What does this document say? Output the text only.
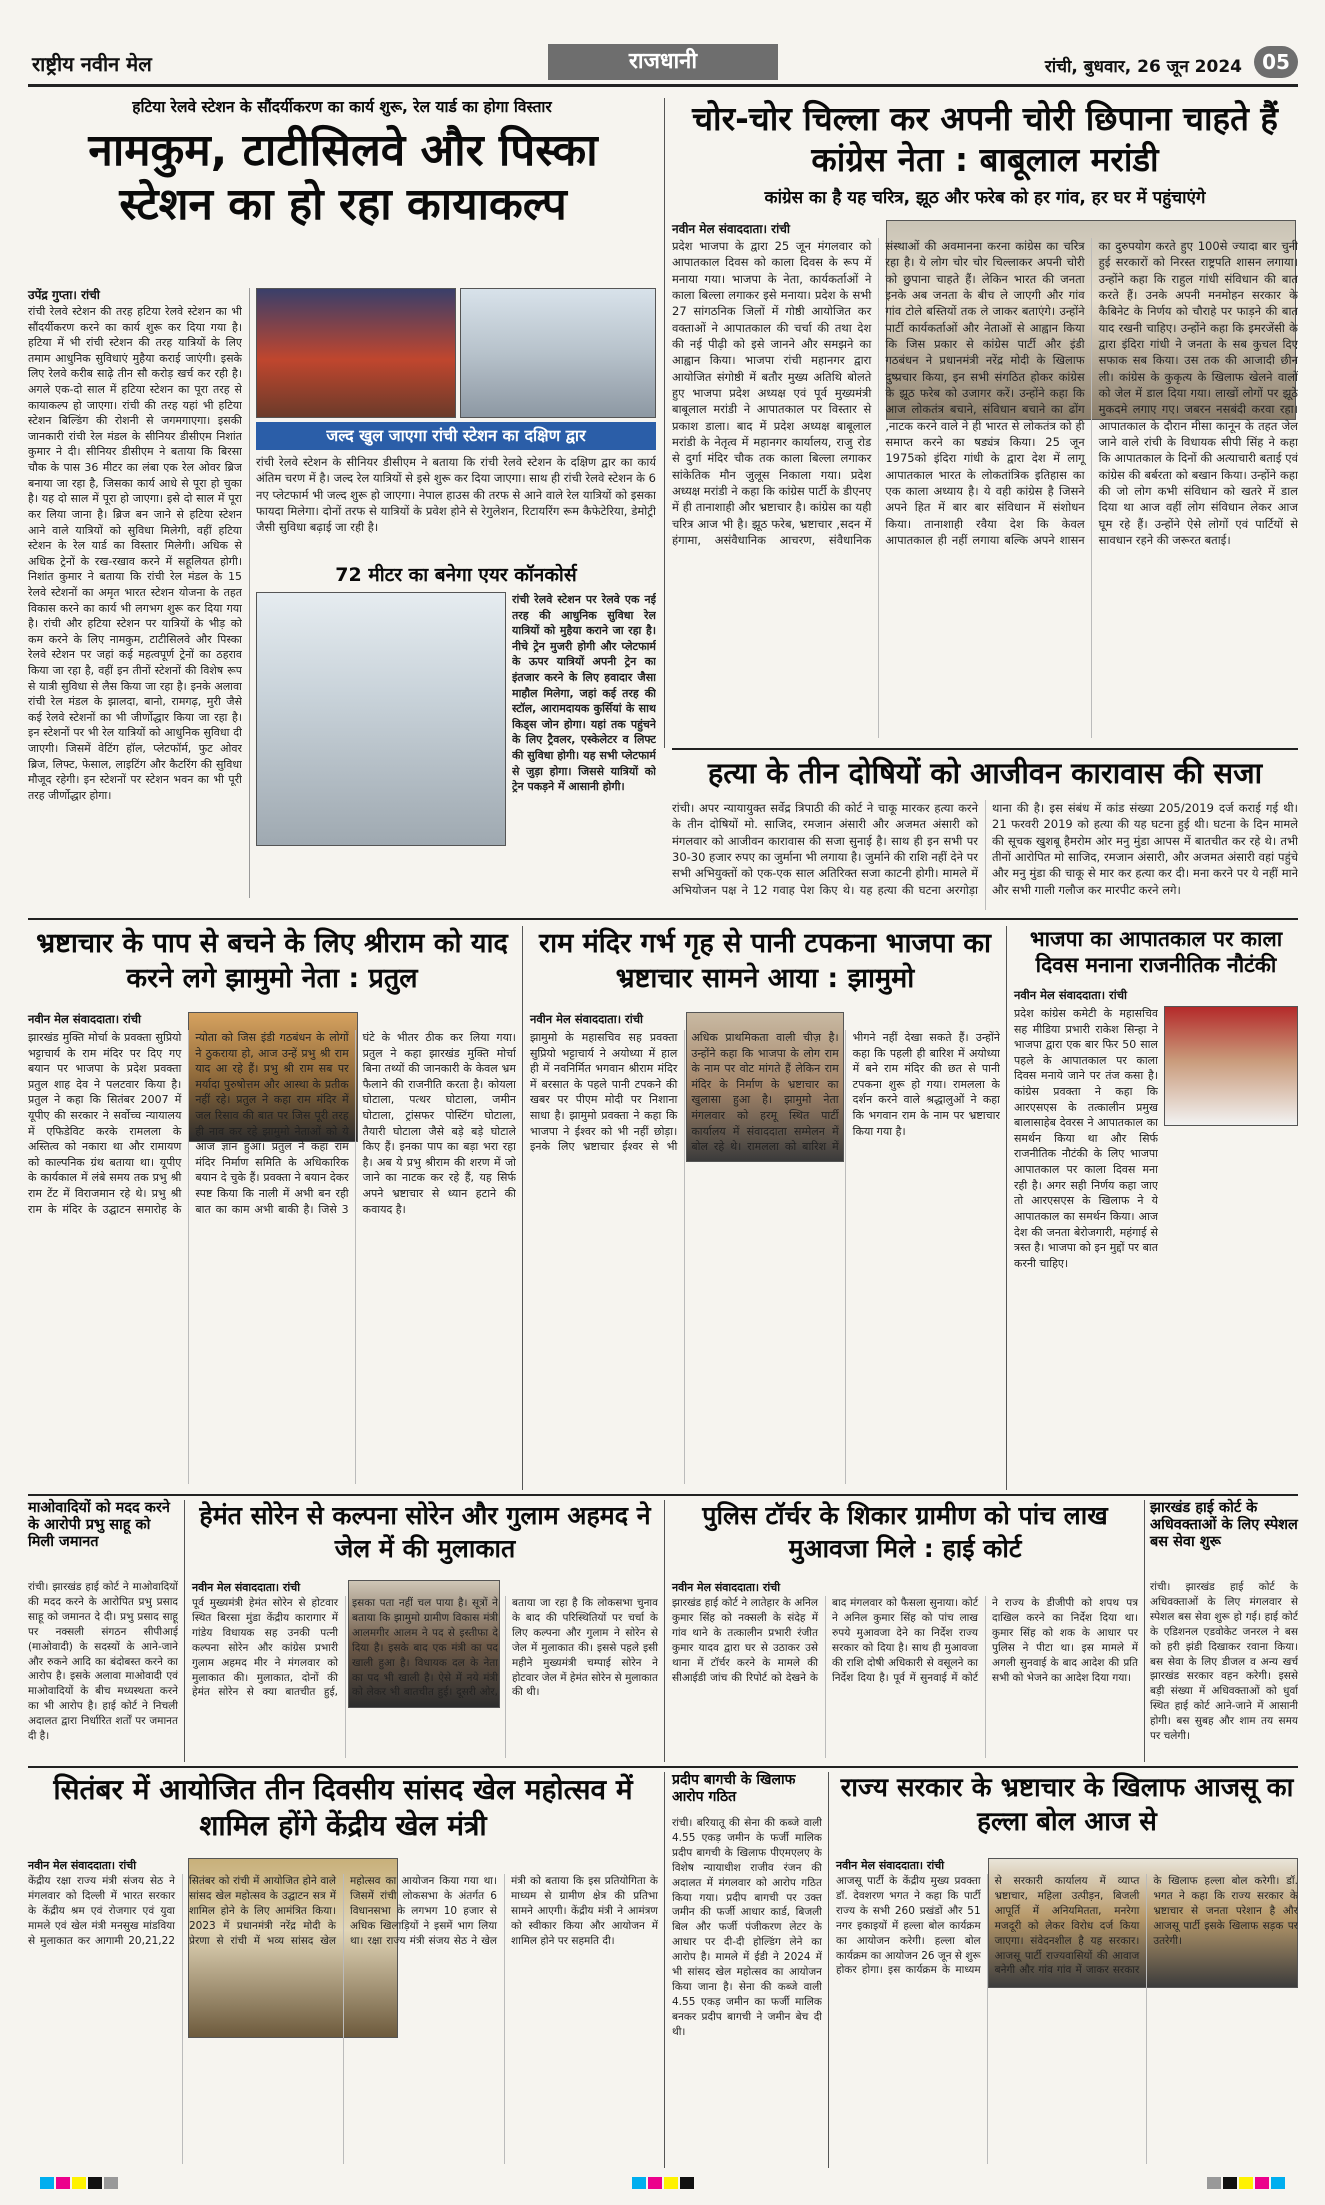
राष्ट्रीय नवीन मेल	राजधानी	रांची, बुधवार, 26 जून 2024	05
हटिया रेलवे स्टेशन के सौंदर्यीकरण का कार्य शुरू, रेल यार्ड का होगा विस्तार
नामकुम, टाटीसिलवे और पिस्का स्टेशन का हो रहा कायाकल्प
उपेंद्र गुप्ता। रांची
रांची रेलवे स्टेशन की तरह हटिया रेलवे स्टेशन का भी सौंदर्यीकरण करने का कार्य शुरू कर दिया गया है। हटिया में भी रांची स्टेशन की तरह यात्रियों के लिए तमाम आधुनिक सुविधाएं मुहैया कराई जाएंगी। इसके लिए रेलवे करीब साढ़े तीन सौ करोड़ खर्च कर रही है। अगले एक-दो साल में हटिया स्टेशन का पूरा तरह से कायाकल्प हो जाएगा। रांची की तरह यहां भी हटिया स्टेशन बिल्डिंग की रोशनी से जगमगाएगा। इसकी जानकारी रांची रेल मंडल के सीनियर डीसीएम निशांत कुमार ने दी। सीनियर डीसीएम ने बताया कि बिरसा चौक के पास 36 मीटर का लंबा एक रेल ओवर ब्रिज बनाया जा रहा है, जिसका कार्य आधे से पूरा हो चुका है। यह दो साल में पूरा हो जाएगा। इसे दो साल में पूरा कर लिया जाना है। ब्रिज बन जाने से हटिया स्टेशन आने वाले यात्रियों को सुविधा मिलेगी, वहीं हटिया स्टेशन के रेल यार्ड का विस्तार मिलेगी। अधिक से अधिक ट्रेनों के रख-रखाव करने में सहूलियत होगी। निशांत कुमार ने बताया कि रांची रेल मंडल के 15 रेलवे स्टेशनों का अमृत भारत स्टेशन योजना के तहत विकास करने का कार्य भी लगभग शुरू कर दिया गया है। रांची और हटिया स्टेशन पर यात्रियों के भीड़ को कम करने के लिए नामकुम, टाटीसिलवे और पिस्का रेलवे स्टेशन पर जहां कई महत्वपूर्ण ट्रेनों का ठहराव किया जा रहा है, वहीं इन तीनों स्टेशनों की विशेष रूप से यात्री सुविधा से लैस किया जा रहा है। इनके अलावा रांची रेल मंडल के झालदा, बानो, रामगढ़, मुरी जैसे कई रेलवे स्टेशनों का भी जीर्णोद्धार किया जा रहा है। इन स्टेशनों पर भी रेल यात्रियों को आधुनिक सुविधा दी जाएगी। जिसमें वेटिंग हॉल, प्लेटफॉर्म, फुट ओवर ब्रिज, लिफ्ट, फेसाल, लाइटिंग और कैटरिंग की सुविधा मौजूद रहेगी। इन स्टेशनों पर स्टेशन भवन का भी पूरी तरह जीर्णोद्धार होगा।
जल्द खुल जाएगा रांची स्टेशन का दक्षिण द्वार
रांची रेलवे स्टेशन के सीनियर डीसीएम ने बताया कि रांची रेलवे स्टेशन के दक्षिण द्वार का कार्य अंतिम चरण में है। जल्द रेल यात्रियों से इसे शुरू कर दिया जाएगा। साथ ही रांची रेलवे स्टेशन के 6 नए प्लेटफार्म भी जल्द शुरू हो जाएगा। नेपाल हाउस की तरफ से आने वाले रेल यात्रियों को इसका फायदा मिलेगा। दोनों तरफ से यात्रियों के प्रवेश होने से रेगुलेशन, रिटायरिंग रूम कैफेटेरिया, डेमोट्री जैसी सुविधा बढ़ाई जा रही है।
72 मीटर का बनेगा एयर कॉनकोर्स
रांची रेलवे स्टेशन पर रेलवे एक नई तरह की आधुनिक सुविधा रेल यात्रियों को मुहैया कराने जा रहा है। नीचे ट्रेन मुजरी होगी और प्लेटफार्म के ऊपर यात्रियों अपनी ट्रेन का इंतजार करने के लिए हवादार जैसा माहौल मिलेगा, जहां कई तरह की स्टॉल, आरामदायक कुर्सियां के साथ किड्स जोन होगा। यहां तक पहुंचने के लिए ट्रैवलर, एस्केलेटर व लिफ्ट की सुविधा होगी। यह सभी प्लेटफार्म से जुड़ा होगा। जिससे यात्रियों को ट्रेन पकड़ने में आसानी होगी।
चोर-चोर चिल्ला कर अपनी चोरी छिपाना चाहते हैं कांग्रेस नेता : बाबूलाल मरांडी
कांग्रेस का है यह चरित्र, झूठ और फरेब को हर गांव, हर घर में पहुंचाएंगे
नवीन मेल संवाददाता। रांची
प्रदेश भाजपा के द्वारा 25 जून मंगलवार को आपातकाल दिवस को काला दिवस के रूप में मनाया गया। भाजपा के नेता, कार्यकर्ताओं ने काला बिल्ला लगाकर इसे मनाया। प्रदेश के सभी 27 सांगठनिक जिलों में गोष्ठी आयोजित कर वक्ताओं ने आपातकाल की चर्चा की तथा देश की नई पीढ़ी को इसे जानने और समझने का आह्वान किया। भाजपा रांची महानगर द्वारा आयोजित संगोष्ठी में बतौर मुख्य अतिथि बोलते हुए भाजपा प्रदेश अध्यक्ष एवं पूर्व मुख्यमंत्री बाबूलाल मरांडी ने आपातकाल पर विस्तार से प्रकाश डाला। बाद में प्रदेश अध्यक्ष बाबूलाल मरांडी के नेतृत्व में महानगर कार्यालय, राजु रोड से दुर्गा मंदिर चौक तक काला बिल्ला लगाकर सांकेतिक मौन जुलूस निकाला गया। प्रदेश अध्यक्ष मरांडी ने कहा कि कांग्रेस पार्टी के डीएनए में ही तानाशाही और भ्रष्टाचार है। कांग्रेस का यही चरित्र आज भी है। झूठ फरेब, भ्रष्टाचार ,सदन में हंगामा, असंवैधानिक आचरण, संवैधानिक संस्थाओं की अवमानना करना कांग्रेस का चरित्र रहा है। ये लोग चोर चोर चिल्लाकर अपनी चोरी को छुपाना चाहते हैं। लेकिन भारत की जनता इनके अब जनता के बीच ले जाएगी और गांव गांव टोले बस्तियों तक ले जाकर बताएंगे। उन्होंने पार्टी कार्यकर्ताओं और नेताओं से आह्वान किया कि जिस प्रकार से कांग्रेस पार्टी और इंडी गठबंधन ने प्रधानमंत्री नरेंद्र मोदी के खिलाफ दुष्प्रचार किया, इन सभी संगठित होकर कांग्रेस के झूठ फरेब को उजागर करें। उन्होंने कहा कि आज लोकतंत्र बचाने, संविधान बचाने का ढोंग ,नाटक करने वाले ने ही भारत से लोकतंत्र को ही समाप्त करने का षड्यंत्र किया। 25 जून 1975को इंदिरा गांधी के द्वारा देश में लागू आपातकाल भारत के लोकतांत्रिक इतिहास का एक काला अध्याय है। ये वही कांग्रेस है जिसने अपने हित में बार बार संविधान में संशोधन किया। तानाशाही रवैया देश कि केवल आपातकाल ही नहीं लगाया बल्कि अपने शासन का दुरुपयोग करते हुए 100से ज्यादा बार चुनी हुई सरकारों को निरस्त राष्ट्रपति शासन लगाया। उन्होंने कहा कि राहुल गांधी संविधान की बात करते हैं। उनके अपनी मनमोहन सरकार के कैबिनेट के निर्णय को चौराहे पर फाड़ने की बात याद रखनी चाहिए। उन्होंने कहा कि इमरजेंसी के द्वारा इंदिरा गांधी ने जनता के सब कुचल दिए सफाक सब किया। उस तक की आजादी छीन ली। कांग्रेस के कुकृत्य के खिलाफ खेलने वालों को जेल में डाल दिया गया। लाखों लोगों पर झूठे मुकदमे लगाए गए। जबरन नसबंदी करवा रहा। आपातकाल के दौरान मीसा कानून के तहत जेल जाने वाले रांची के विधायक सीपी सिंह ने कहा कि आपातकाल के दिनों की अत्याचारी बताई एवं कांग्रेस की बर्बरता को बखान किया। उन्होंने कहा की जो लोग कभी संविधान को खतरे में डाल दिया था आज वहीं लोग संविधान लेकर आज घूम रहे हैं। उन्होंने ऐसे लोगों एवं पार्टियों से सावधान रहने की जरूरत बताई।
हत्या के तीन दोषियों को आजीवन कारावास की सजा
रांची। अपर न्यायायुक्त सर्वेद्र त्रिपाठी की कोर्ट ने चाकू मारकर हत्या करने के तीन दोषियों मो. साजिद, रमजान अंसारी और अजमत अंसारी को मंगलवार को आजीवन कारावास की सजा सुनाई है। साथ ही इन सभी पर 30-30 हजार रुपए का जुर्माना भी लगाया है। जुर्माने की राशि नहीं देने पर सभी अभियुक्तों को एक-एक साल अतिरिक्त सजा काटनी होगी। मामले में अभियोजन पक्ष ने 12 गवाह पेश किए थे। यह हत्या की घटना अरगोड़ा थाना की है। इस संबंध में कांड संख्या 205/2019 दर्ज कराई गई थी। 21 फरवरी 2019 को हत्या की यह घटना हुई थी। घटना के दिन मामले की सूचक खुशबू हैमरोम ओर मनु मुंडा आपस में बातचीत कर रहे थे। तभी तीनों आरोपित मो साजिद, रमजान अंसारी, और अजमत अंसारी वहां पहुंचे और मनु मुंडा की चाकू से मार कर हत्या कर दी। मना करने पर ये नहीं माने और सभी गाली गलौज कर मारपीट करने लगे।
भ्रष्टाचार के पाप से बचने के लिए श्रीराम को याद करने लगे झामुमो नेता : प्रतुल
नवीन मेल संवाददाता। रांची
झारखंड मुक्ति मोर्चा के प्रवक्ता सुप्रियो भट्टाचार्य के राम मंदिर पर दिए गए बयान पर भाजपा के प्रदेश प्रवक्ता प्रतुल शाह देव ने पलटवार किया है। प्रतुल ने कहा कि सितंबर 2007 में यूपीए की सरकार ने सर्वोच्च न्यायालय में एफिडेविट करके रामलला के अस्तित्व को नकारा था और रामायण को काल्पनिक ग्रंथ बताया था। यूपीए के कार्यकाल में लंबे समय तक प्रभु श्री राम टेंट में विराजमान रहे थे। प्रभु श्री राम के मंदिर के उद्घाटन समारोह के न्योता को जिस इंडी गठबंधन के लोगों ने ठुकराया हो, आज उन्हें प्रभु श्री राम याद आ रहे हैं। प्रभु श्री राम सब पर मर्यादा पुरुषोत्तम और आस्था के प्रतीक नहीं रहे। प्रतुल ने कहा राम मंदिर में जल रिसाव की बात पर जिस पूरी तरह ही नाव कर रहे झामुमो नेताओं को ये आज ज्ञान हुआ। प्रतुल ने कहा राम मंदिर निर्माण समिति के अधिकारिक बयान दे चुके हैं। प्रवक्ता ने बयान देकर स्पष्ट किया कि नाली में अभी बन रही बात का काम अभी बाकी है। जिसे 3 घंटे के भीतर ठीक कर लिया गया। प्रतुल ने कहा झारखंड मुक्ति मोर्चा बिना तथ्यों की जानकारी के केवल भ्रम फैलाने की राजनीति करता है। कोयला घोटाला, पत्थर घोटाला, जमीन घोटाला, ट्रांसफर पोस्टिंग घोटाला, तैयारी घोटाला जैसे बड़े बड़े घोटाले किए हैं। इनका पाप का बड़ा भरा रहा है। अब ये प्रभु श्रीराम की शरण में जो जाने का नाटक कर रहे हैं, यह सिर्फ अपने भ्रष्टाचार से ध्यान हटाने की कवायद है।
राम मंदिर गर्भ गृह से पानी टपकना भाजपा का भ्रष्टाचार सामने आया : झामुमो
नवीन मेल संवाददाता। रांची
झामुमो के महासचिव सह प्रवक्ता सुप्रियो भट्टाचार्य ने अयोध्या में हाल ही में नवनिर्मित भगवान श्रीराम मंदिर में बरसात के पहले पानी टपकने की खबर पर पीएम मोदी पर निशाना साधा है। झामुमो प्रवक्ता ने कहा कि भाजपा ने ईश्वर को भी नहीं छोड़ा। इनके लिए भ्रष्टाचार ईश्वर से भी अधिक प्राथमिकता वाली चीज़ है। उन्होंने कहा कि भाजपा के लोग राम के नाम पर वोट मांगते हैं लेकिन राम मंदिर के निर्माण के भ्रष्टाचार का खुलासा हुआ है। झामुमो नेता मंगलवार को हरमू स्थित पार्टी कार्यालय में संवाददाता सम्मेलन में बोल रहे थे। रामलला को बारिश में भीगने नहीं देखा सकते हैं। उन्होंने कहा कि पहली ही बारिश में अयोध्या में बने राम मंदिर की छत से पानी टपकना शुरू हो गया। रामलला के दर्शन करने वाले श्रद्धालुओं ने कहा कि भगवान राम के नाम पर भ्रष्टाचार किया गया है।
भाजपा का आपातकाल पर काला दिवस मनाना राजनीतिक नौटंकी
नवीन मेल संवाददाता। रांची
प्रदेश कांग्रेस कमेटी के महासचिव सह मीडिया प्रभारी राकेश सिन्हा ने भाजपा द्वारा एक बार फिर 50 साल पहले के आपातकाल पर काला दिवस मनाये जाने पर तंज कसा है। कांग्रेस प्रवक्ता ने कहा कि आरएसएस के तत्कालीन प्रमुख बालासाहेब देवरस ने आपातकाल का समर्थन किया था और सिर्फ राजनीतिक नौटंकी के लिए भाजपा आपातकाल पर काला दिवस मना रही है। अगर सही निर्णय कहा जाए तो आरएसएस के खिलाफ ने ये आपातकाल का समर्थन किया। आज देश की जनता बेरोजगारी, महंगाई से त्रस्त है। भाजपा को इन मुद्दों पर बात करनी चाहिए।
माओवादियों को मदद करने के आरोपी प्रभु साहू को मिली जमानत
रांची। झारखंड हाई कोर्ट ने माओवादियों की मदद करने के आरोपित प्रभु प्रसाद साहू को जमानत दे दी। प्रभु प्रसाद साहू पर नक्सली संगठन सीपीआई (माओवादी) के सदस्यों के आने-जाने और रुकने आदि का बंदोबस्त करने का आरोप है। इसके अलावा माओवादी एवं माओवादियों के बीच मध्यस्थता करने का भी आरोप है। हाई कोर्ट ने निचली अदालत द्वारा निर्धारित शर्तों पर जमानत दी है।
हेमंत सोरेन से कल्पना सोरेन और गुलाम अहमद ने जेल में की मुलाकात
नवीन मेल संवाददाता। रांची
पूर्व मुख्यमंत्री हेमंत सोरेन से होटवार स्थित बिरसा मुंडा केंद्रीय कारागार में गांडेय विधायक सह उनकी पत्नी कल्पना सोरेन और कांग्रेस प्रभारी गुलाम अहमद मीर ने मंगलवार को मुलाकात की। मुलाकात, दोनों की हेमंत सोरेन से क्या बातचीत हुई, इसका पता नहीं चल पाया है। सूत्रों ने बताया कि झामुमो ग्रामीण विकास मंत्री आलमगीर आलम ने पद से इस्तीफा दे दिया है। इसके बाद एक मंत्री का पद खाली हुआ है। विधायक दल के नेता का पद भी खाली है। ऐसे में नये मंत्री को लेकर भी बातचीत हुई। दूसरी ओर, बताया जा रहा है कि लोकसभा चुनाव के बाद की परिस्थितियों पर चर्चा के लिए कल्पना और गुलाम ने सोरेन से जेल में मुलाकात की। इससे पहले इसी महीने मुख्यमंत्री चम्पाई सोरेन ने होटवार जेल में हेमंत सोरेन से मुलाकात की थी।
पुलिस टॉर्चर के शिकार ग्रामीण को पांच लाख मुआवजा मिले : हाई कोर्ट
नवीन मेल संवाददाता। रांची
झारखंड हाई कोर्ट ने लातेहार के अनिल कुमार सिंह को नक्सली के संदेह में गांव थाने के तत्कालीन प्रभारी रंजीत कुमार यादव द्वारा घर से उठाकर उसे थाना में टॉर्चर करने के मामले की सीआईडी जांच की रिपोर्ट को देखने के बाद मंगलवार को फैसला सुनाया। कोर्ट ने अनिल कुमार सिंह को पांच लाख रुपये मुआवजा देने का निर्देश राज्य सरकार को दिया है। साथ ही मुआवजा की राशि दोषी अधिकारी से वसूलने का निर्देश दिया है। पूर्व में सुनवाई में कोर्ट ने राज्य के डीजीपी को शपथ पत्र दाखिल करने का निर्देश दिया था। कुमार सिंह को शक के आधार पर पुलिस ने पीटा था। इस मामले में अगली सुनवाई के बाद आदेश की प्रति सभी को भेजने का आदेश दिया गया।
झारखंड हाई कोर्ट के अधिवक्ताओं के लिए स्पेशल बस सेवा शुरू
रांची। झारखंड हाई कोर्ट के अधिवक्ताओं के लिए मंगलवार से स्पेशल बस सेवा शुरू हो गई। हाई कोर्ट के एडिशनल एडवोकेट जनरल ने बस को हरी झंडी दिखाकर रवाना किया। बस सेवा के लिए डीजल व अन्य खर्च झारखंड सरकार वहन करेगी। इससे बड़ी संख्या में अधिवक्ताओं को धुर्वा स्थित हाई कोर्ट आने-जाने में आसानी होगी। बस सुबह और शाम तय समय पर चलेगी।
सितंबर में आयोजित तीन दिवसीय सांसद खेल महोत्सव में शामिल होंगे केंद्रीय खेल मंत्री
नवीन मेल संवाददाता। रांची
केंद्रीय रक्षा राज्य मंत्री संजय सेठ ने मंगलवार को दिल्ली में भारत सरकार के केंद्रीय श्रम एवं रोजगार एवं युवा मामले एवं खेल मंत्री मनसुख मांडविया से मुलाकात कर आगामी 20,21,22 सितंबर को रांची में आयोजित होने वाले सांसद खेल महोत्सव के उद्घाटन सत्र में शामिल होने के लिए आमंत्रित किया। 2023 में प्रधानमंत्री नरेंद्र मोदी के प्रेरणा से रांची में भव्य सांसद खेल महोत्सव का आयोजन किया गया था। जिसमें रांची लोकसभा के अंतर्गत 6 विधानसभा के लगभग 10 हजार से अधिक खिलाड़ियों ने इसमें भाग लिया था। रक्षा राज्य मंत्री संजय सेठ ने खेल मंत्री को बताया कि इस प्रतियोगिता के माध्यम से ग्रामीण क्षेत्र की प्रतिभा सामने आएगी। केंद्रीय मंत्री ने आमंत्रण को स्वीकार किया और आयोजन में शामिल होने पर सहमति दी।
प्रदीप बागची के खिलाफ आरोप गठित
रांची। बरियातू की सेना की कब्जे वाली 4.55 एकड़ जमीन के फर्जी मालिक प्रदीप बागची के खिलाफ पीएमएलए के विशेष न्यायाधीश राजीव रंजन की अदालत में मंगलवार को आरोप गठित किया गया। प्रदीप बागची पर उक्त जमीन की फर्जी आधार कार्ड, बिजली बिल और फर्जी पंजीकरण लेटर के आधार पर दी-दी होल्डिंग लेने का आरोप है। मामले में ईडी ने 2024 में भी सांसद खेल महोत्सव का आयोजन किया जाना है। सेना की कब्जे वाली 4.55 एकड़ जमीन का फर्जी मालिक बनकर प्रदीप बागची ने जमीन बेच दी थी।
राज्य सरकार के भ्रष्टाचार के खिलाफ आजसू का हल्ला बोल आज से
नवीन मेल संवाददाता। रांची
आजसू पार्टी के केंद्रीय मुख्य प्रवक्ता डॉ. देवशरण भगत ने कहा कि पार्टी राज्य के सभी 260 प्रखंडों और 51 नगर इकाइयों में हल्ला बोल कार्यक्रम का आयोजन करेगी। हल्ला बोल कार्यक्रम का आयोजन 26 जून से शुरू होकर होगा। इस कार्यक्रम के माध्यम से सरकारी कार्यालय में व्याप्त भ्रष्टाचार, महिला उत्पीड़न, बिजली आपूर्ति में अनियमितता, मनरेगा मजदूरी को लेकर विरोध दर्ज किया जाएगा। संवेदनशील है यह सरकार। आजसू पार्टी राज्यवासियों की आवाज बनेगी और गांव गांव में जाकर सरकार के खिलाफ हल्ला बोल करेगी। डॉ. भगत ने कहा कि राज्य सरकार के भ्रष्टाचार से जनता परेशान है और आजसू पार्टी इसके खिलाफ सड़क पर उतरेगी।
